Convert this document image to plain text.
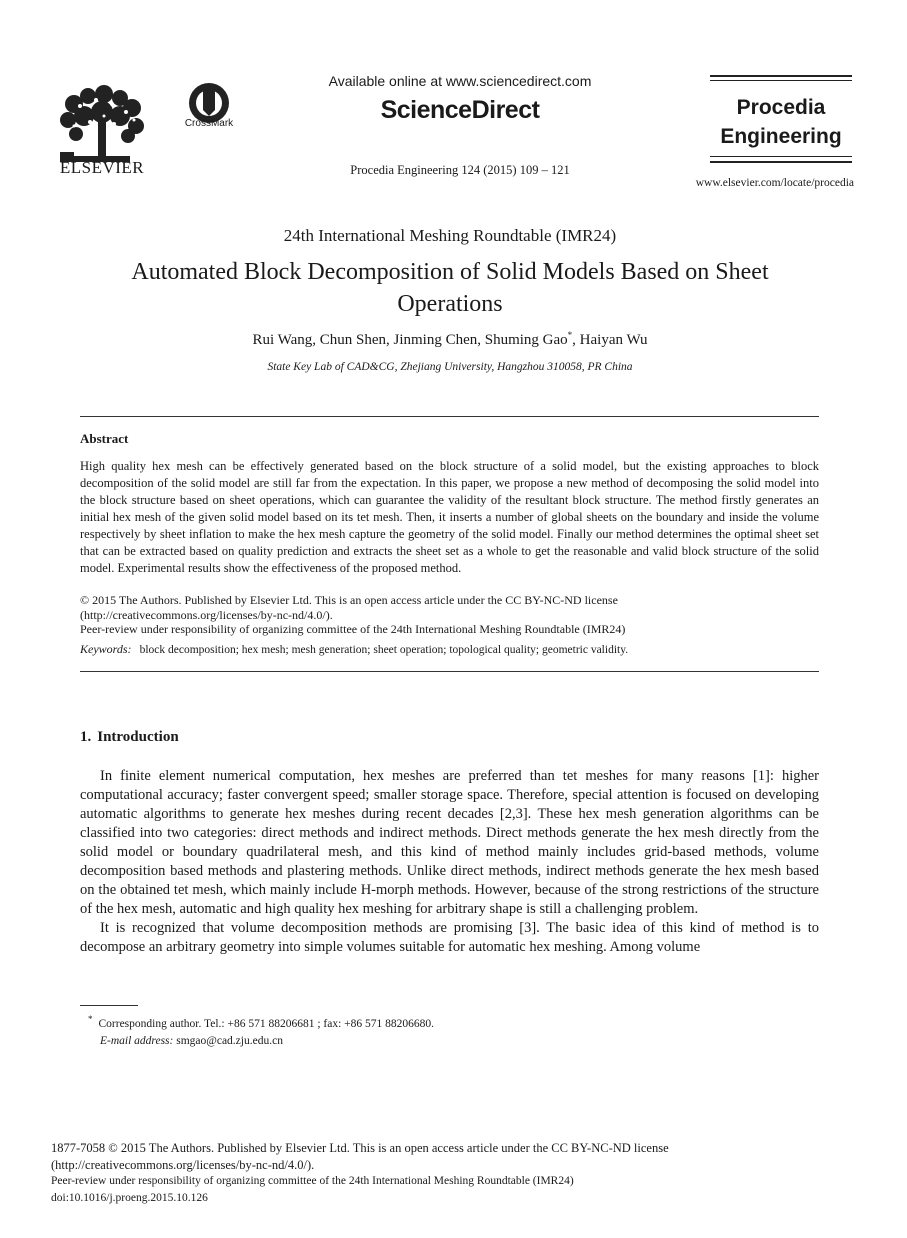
ELSEVIER
CrossMark
Available online at www.sciencedirect.com
ScienceDirect
Procedia Engineering 124 (2015) 109 – 121
Procedia
Engineering
www.elsevier.com/locate/procedia
24th International Meshing Roundtable (IMR24)
Automated Block Decomposition of Solid Models Based on Sheet
Operations
Rui Wang, Chun Shen, Jinming Chen, Shuming Gao*, Haiyan Wu
State Key Lab of CAD&CG, Zhejiang University, Hangzhou 310058, PR China
Abstract
High quality hex mesh can be effectively generated based on the block structure of a solid model, but the existing approaches to block decomposition of the solid model are still far from the expectation. In this paper, we propose a new method of decomposing the solid model into the block structure based on sheet operations, which can guarantee the validity of the resultant block structure. The method firstly generates an initial hex mesh of the given solid model based on its tet mesh. Then, it inserts a number of global sheets on the boundary and inside the volume respectively by sheet inflation to make the hex mesh capture the geometry of the solid model. Finally our method determines the optimal sheet set that can be extracted based on quality prediction and extracts the sheet set as a whole to get the reasonable and valid block structure of the solid model. Experimental results show the effectiveness of the proposed method.
© 2015 The Authors. Published by Elsevier Ltd. This is an open access article under the CC BY-NC-ND license
(http://creativecommons.org/licenses/by-nc-nd/4.0/).
Peer-review under responsibility of organizing committee of the 24th International Meshing Roundtable (IMR24)
Keywords: block decomposition; hex mesh; mesh generation; sheet operation; topological quality; geometric validity.
1. Introduction

In finite element numerical computation, hex meshes are preferred than tet meshes for many reasons [1]: higher computational accuracy; faster convergent speed; smaller storage space. Therefore, special attention is focused on developing automatic algorithms to generate hex meshes during recent decades [2,3]. These hex mesh generation algorithms can be classified into two categories: direct methods and indirect methods. Direct methods generate the hex mesh directly from the solid model or boundary quadrilateral mesh, and this kind of method mainly includes grid-based methods, volume decomposition based methods and plastering methods. Unlike direct methods, indirect methods generate the hex mesh based on the obtained tet mesh, which mainly include H-morph methods. However, because of the strong restrictions of the structure of the hex mesh, automatic and high quality hex meshing for arbitrary shape is still a challenging problem.

It is recognized that volume decomposition methods are promising [3]. The basic idea of this kind of method is to decompose an arbitrary geometry into simple volumes suitable for automatic hex meshing. Among volume

* Corresponding author. Tel.: +86 571 88206681 ; fax: +86 571 88206680.
E-mail address: smgao@cad.zju.edu.cn
1877-7058 © 2015 The Authors. Published by Elsevier Ltd. This is an open access article under the CC BY-NC-ND license
(http://creativecommons.org/licenses/by-nc-nd/4.0/).
Peer-review under responsibility of organizing committee of the 24th International Meshing Roundtable (IMR24)
doi:10.1016/j.proeng.2015.10.126
